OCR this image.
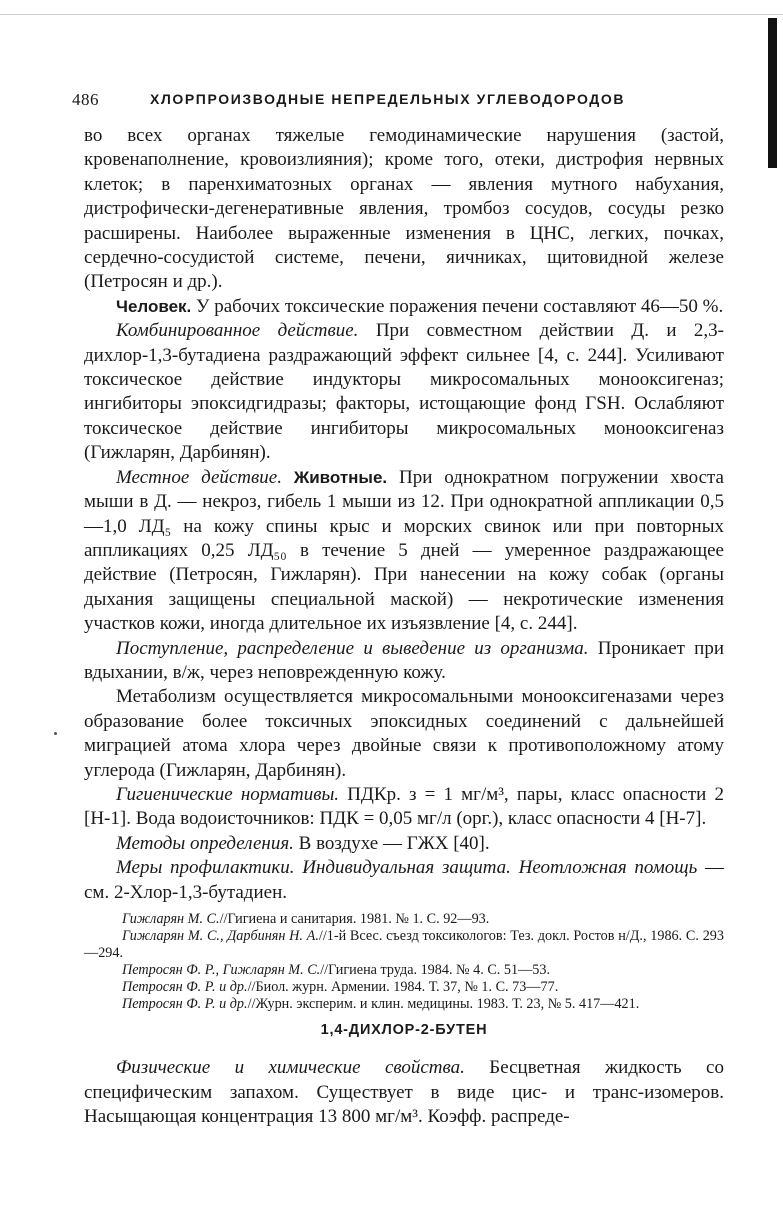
486	ХЛОРПРОИЗВОДНЫЕ НЕПРЕДЕЛЬНЫХ УГЛЕВОДОРОДОВ

во всех органах тяжелые гемодинамические нарушения (застой, кровенаполнение, кровоизлияния); кроме того, отеки, дистрофия нервных клеток; в паренхиматозных органах — явления мутного набухания, дистрофически-дегенеративные явления, тромбоз сосудов, сосуды резко расширены. Наиболее выраженные изменения в ЦНС, легких, почках, сердечно-сосудистой системе, печени, яичниках, щитовидной железе (Петросян и др.).

Человек. У рабочих токсические поражения печени составляют 46—50 %.

Комбинированное действие. При совместном действии Д. и 2,3-дихлор-1,3-бутадиена раздражающий эффект сильнее [4, с. 244]. Усиливают токсическое действие индукторы микросомальных монооксигеназ; ингибиторы эпоксидгидразы; факторы, истощающие фонд ГSH. Ослабляют токсическое действие ингибиторы микросомальных монооксигеназ (Гижларян, Дарбинян).

Местное действие. Животные. При однократном погружении хвоста мыши в Д. — некроз, гибель 1 мыши из 12. При однократной аппликации 0,5—1,0 ЛД₅ на кожу спины крыс и морских свинок или при повторных аппликациях 0,25 ЛД₅₀ в течение 5 дней — умеренное раздражающее действие (Петросян, Гижларян). При нанесении на кожу собак (органы дыхания защищены специальной маской) — некротические изменения участков кожи, иногда длительное их изъязвление [4, с. 244].

Поступление, распределение и выведение из организма. Проникает при вдыхании, в/ж, через неповрежденную кожу.

Метаболизм осуществляется микросомальными монооксигеназами через образование более токсичных эпоксидных соединений с дальнейшей миграцией атома хлора через двойные связи к противоположному атому углерода (Гижларян, Дарбинян).

Гигиенические нормативы. ПДКр. з = 1 мг/м³, пары, класс опасности 2 [Н-1]. Вода водоисточников: ПДК = 0,05 мг/л (орг.), класс опасности 4 [Н-7].

Методы определения. В воздухе — ГЖХ [40].

Меры профилактики. Индивидуальная защита. Неотложная помощь — см. 2-Хлор-1,3-бутадиен.

Гижларян М. С.//Гигиена и санитария. 1981. № 1. С. 92—93.

Гижларян М. С., Дарбинян Н. А.//1-й Всес. съезд токсикологов: Тез. докл. Ростов н/Д., 1986. С. 293—294.

Петросян Ф. Р., Гижларян М. С.//Гигиена труда. 1984. № 4. С. 51—53.

Петросян Ф. Р. и др.//Биол. журн. Армении. 1984. Т. 37, № 1. С. 73—77.

Петросян Ф. Р. и др.//Журн. эксперим. и клин. медицины. 1983. Т. 23, № 5. 417—421.

1,4-ДИХЛОР-2-БУТЕН

Физические и химические свойства. Бесцветная жидкость со специфическим запахом. Существует в виде цис- и транс-изомеров. Насыщающая концентрация 13 800 мг/м³. Коэфф. распреде-
